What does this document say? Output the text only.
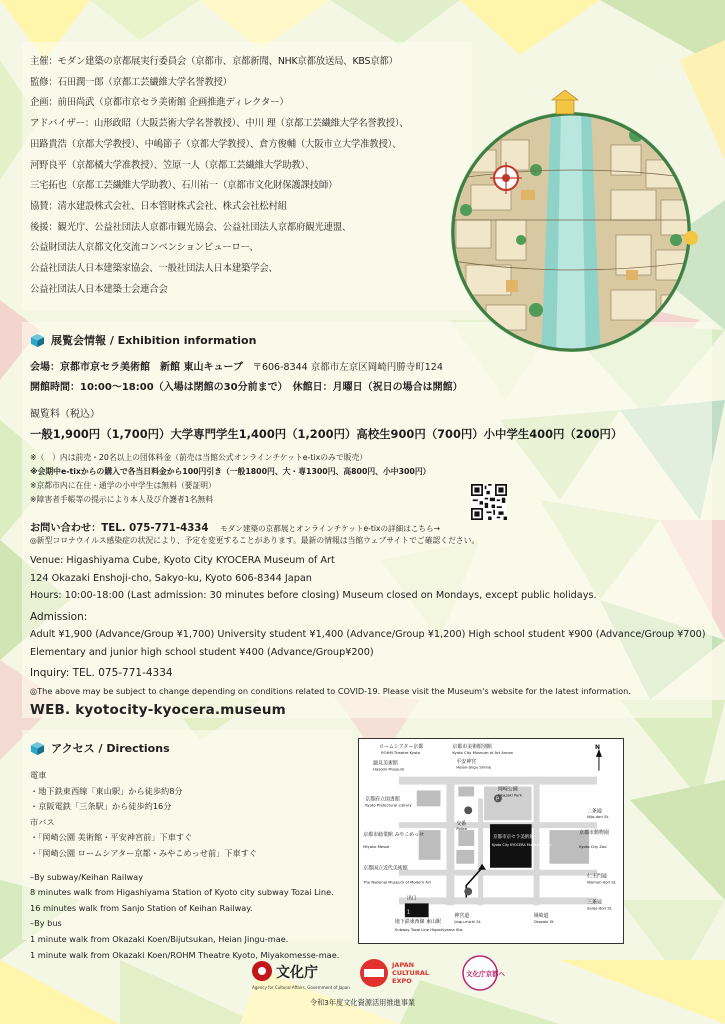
主催：モダン建築の京都展実行委員会（京都市、京都新聞、NHK京都放送局、KBS京都）
監修：石田潤一郎（京都工芸繊維大学名誉教授）
企画：前田尚武（京都市京セラ美術館 企画推進ディレクター）
アドバイザー：山形政昭（大阪芸術大学名誉教授）、中川 理（京都工芸繊維大学名誉教授）、
田路貴浩（京都大学教授）、中嶋節子（京都大学教授）、倉方俊輔（大阪市立大学准教授）、
河野良平（京都橘大学准教授）、笠原一人（京都工芸繊維大学助教）、
三宅拓也（京都工芸繊維大学助教）、石川祐一（京都市文化財保護課技師）
協賛：清水建設株式会社、日本管財株式会社、株式会社松村組
後援：観光庁、公益社団法人京都市観光協会、公益社団法人京都府観光連盟、
公益財団法人京都文化交流コンベンションビューロー、
公益社団法人日本建築家協会、一般社団法人日本建築学会、
公益社団法人日本建築士会連合会
展覧会情報 / Exhibition information
会場：京都市京セラ美術館　新館 東山キューブ 〒606-8344 京都市左京区岡崎円勝寺町124
開館時間：10:00〜18:00（入場は閉館の30分前まで）　休館日：月曜日（祝日の場合は開館）
観覧料（税込）
一般1,900円（1,700円）大学専門学生1,400円（1,200円）高校生900円（700円）小中学生400円（200円）
※（　）内は前売・20名以上の団体料金（前売は当館公式オンラインチケットe-tixのみで販売）
※会期中e-tixからの購入で各当日料金から100円引き（一般1800円、大・専1300円、高800円、小中300円）
※京都市内に在住・通学の小中学生は無料（要証明）
※障害者手帳等の提示により本人及び介護者1名無料
お問い合わせ：TEL. 075-771-4334 モダン建築の京都展とオンラインチケットe-tixの詳細はこちら→
◎新型コロナウイルス感染症の状況により、予定を変更することがあります。最新の情報は当館ウェブサイトでご確認ください。
Venue: Higashiyama Cube, Kyoto City KYOCERA Museum of Art
124 Okazaki Enshoji-cho, Sakyo-ku, Kyoto 606-8344 Japan
Hours: 10:00-18:00 (Last admission: 30 minutes before closing) Museum closed on Mondays, except public holidays.
Admission:
Adult ¥1,900 (Advance/Group ¥1,700) University student ¥1,400 (Advance/Group ¥1,200) High school student ¥900 (Advance/Group ¥700)
Elementary and junior high school student ¥400 (Advance/Group¥200)
Inquiry: TEL. 075-771-4334
◎The above may be subject to change depending on conditions related to COVID-19. Please visit the Museum's website for the latest information.
WEB. kyotocity-kyocera.museum
アクセス / Directions
電車
・地下鉄東西線「東山駅」から徒歩約8分
・京阪電鉄「三条駅」から徒歩約16分
市バス
・「岡崎公園 美術館・平安神宮前」下車すぐ
・「岡崎公園 ロームシアター京都・みやこめっせ前」下車すぐ
–By subway/Keihan Railway
8 minutes walk from Higashiyama Station of Kyoto city subway Tozai Line.
16 minutes walk from Sanjo Station of Keihan Railway.
–By bus
1 minute walk from Okazaki Koen/Bijutsukan, Heian Jingu-mae.
1 minute walk from Okazaki Koen/ROHM Theatre Kyoto, Miyakomesse-mae.
ロームシアター京都
ROHM Theatre Kyoto
京都市美術館別館
Kyoto City Museum of Art Annex
細見美術館
Hosomi Museum
平安神宮
Heian-Jingu Shrine
岡崎公園
Okazaki Park
京都府立図書館
Kyoto Prefectural Library
交番
Police
京都市京セラ美術館
Kyoto City KYOCERA Museum of Art
京都市動物園
Kyoto City Zoo
京都市勧業館 みやこめっせ
Miyako Messe
京都国立近代美術館
The National Museum of Modern Art
出口
1
地下鉄東西線 東山駅
Subway Tozai Line Higashiyama Sta.
神宮道
Jingu-michi St.
岡崎道
Okazaki St.
二条通
Nijo-dori St.
仁王門通
Niomon-dori St.
三条通
Sanjo-dori St.
N
P
文化庁
Agency for Cultural Affairs, Government of Japan
JAPAN
CULTURAL
EXPO
文化庁京都へ
令和3年度文化資源活用推進事業
